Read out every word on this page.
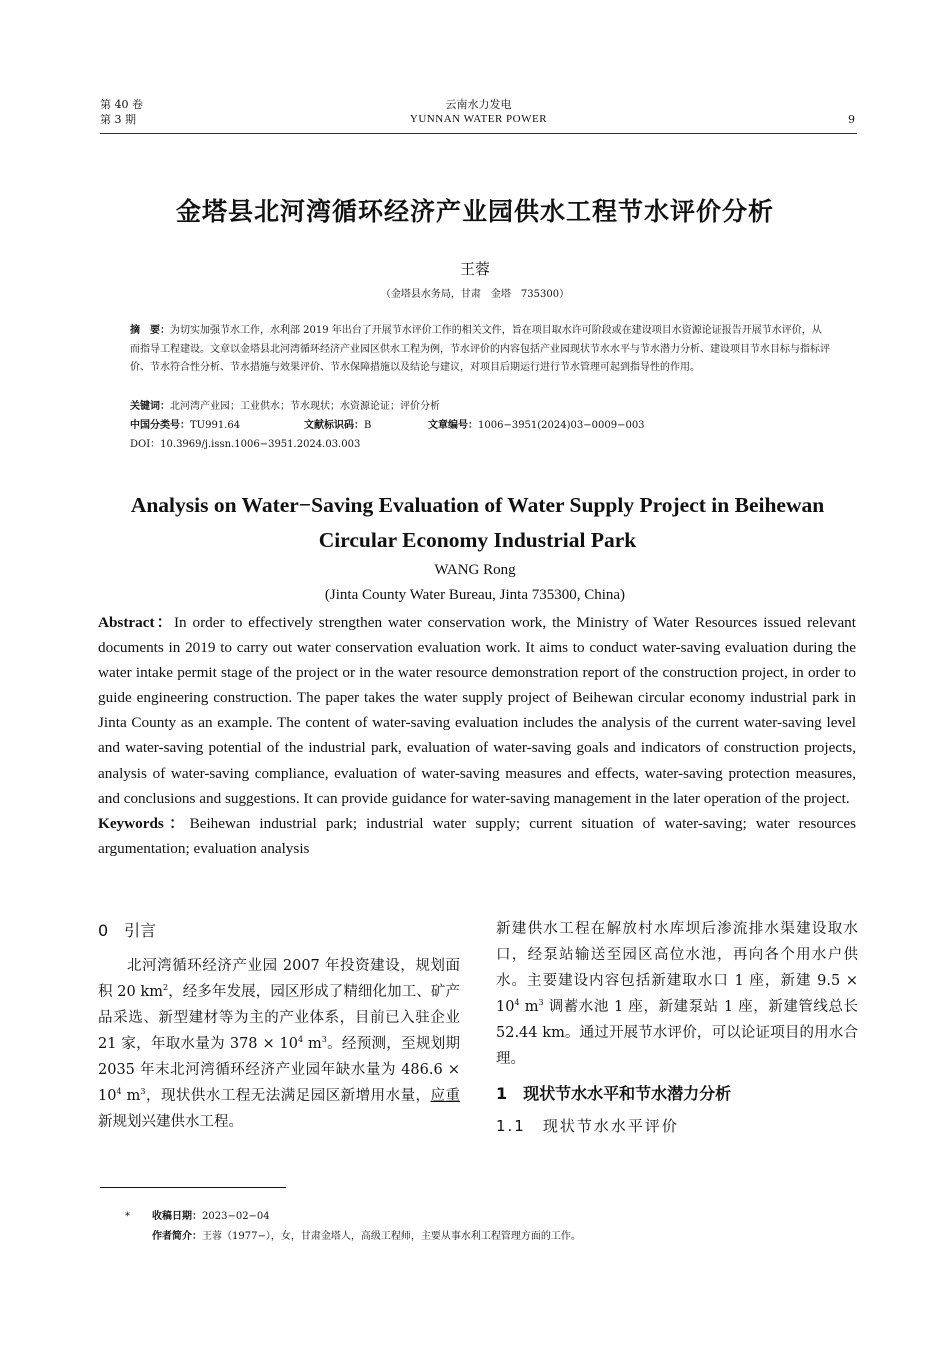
第 40 卷
第 3 期
云南水力发电
YUNNAN WATER POWER	9
金塔县北河湾循环经济产业园供水工程节水评价分析
王蓉
（金塔县水务局，甘肃　金塔　735300）
摘　要：为切实加强节水工作，水利部 2019 年出台了开展节水评价工作的相关文件，旨在项目取水许可阶段或在建设项目水资源论证报告开展节水评价，从而指导工程建设。文章以金塔县北河湾循环经济产业园区供水工程为例，节水评价的内容包括产业园现状节水水平与节水潜力分析、建设项目节水目标与指标评价、节水符合性分析、节水措施与效果评价、节水保障措施以及结论与建议，对项目后期运行进行节水管理可起到指导性的作用。
关键词：北河湾产业园；工业供水；节水现状；水资源论证；评价分析
中国分类号：TU991.64	文献标识码：B	文章编号：1006−3951(2024)03−0009−003
DOI：10.3969/j.issn.1006−3951.2024.03.003
Analysis on Water−Saving Evaluation of Water Supply Project in Beihewan
Circular Economy Industrial Park
WANG Rong
(Jinta County Water Bureau, Jinta 735300, China)
Abstract：In order to effectively strengthen water conservation work, the Ministry of Water Resources issued relevant documents in 2019 to carry out water conservation evaluation work. It aims to conduct water-saving evaluation during the water intake permit stage of the project or in the water resource demonstration report of the construction project, in order to guide engineering construction. The paper takes the water supply project of Beihewan circular economy industrial park in Jinta County as an example. The content of water-saving evaluation includes the analysis of the current water-saving level and water-saving potential of the industrial park, evaluation of water-saving goals and indicators of construction projects, analysis of water-saving compliance, evaluation of water-saving measures and effects, water-saving protection measures, and conclusions and suggestions. It can provide guidance for water-saving management in the later operation of the project.
Keywords：Beihewan industrial park; industrial water supply; current situation of water-saving; water resources argumentation; evaluation analysis
0　引言
北河湾循环经济产业园 2007 年投资建设，规划面积 20 $km^2$，经多年发展，园区形成了精细化加工、矿产品采选、新型建材等为主的产业体系，目前已入驻企业 21 家，年取水量为 $378 \times 10^4$ $m^3$。经预测，至规划期 2035 年末北河湾循环经济产业园年缺水量为 $486.6 \times 10^4$ $m^3$，现状供水工程无法满足园区新增用水量，应重新规划兴建供水工程。
新建供水工程在解放村水库坝后渗流排水渠建设取水口，经泵站输送至园区高位水池，再向各个用水户供水。主要建设内容包括新建取水口 1 座，新建 $9.5 \times 10^4$ $m^3$ 调蓄水池 1 座，新建泵站 1 座，新建管线总长 52.44 km。通过开展节水评价，可以论证项目的用水合理。
1　现状节水水平和节水潜力分析
1.1　现状节水水平评价
* 收稿日期：2023−02−04
作者简介：王蓉（1977−），女，甘肃金塔人，高级工程师，主要从事水利工程管理方面的工作。
